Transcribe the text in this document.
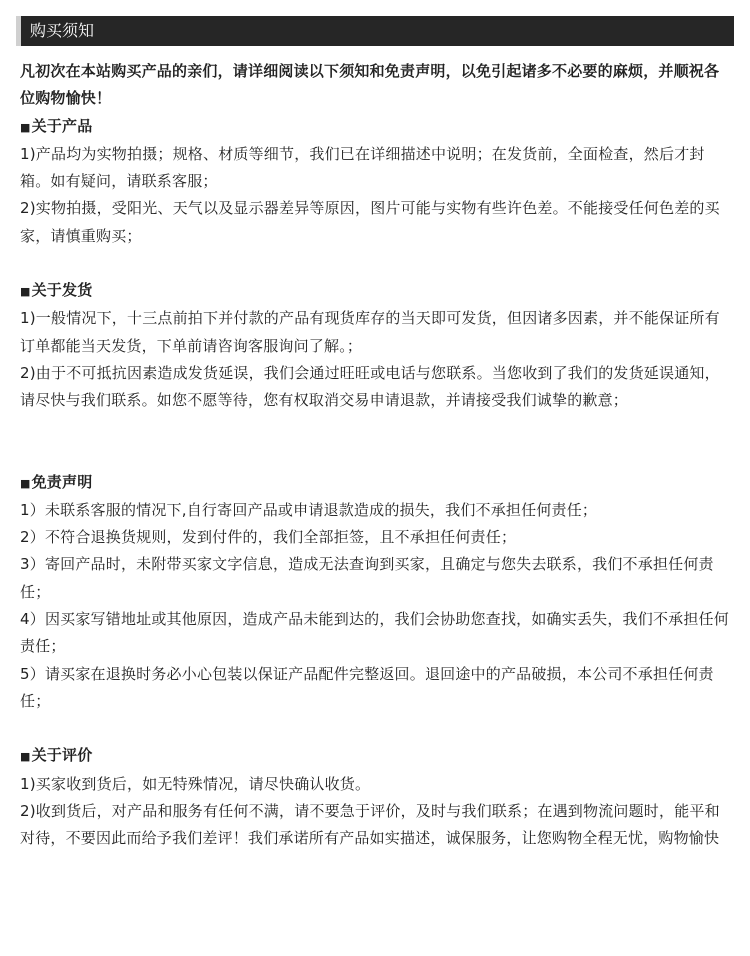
购买须知

凡初次在本站购买产品的亲们，请详细阅读以下须知和免责声明，以免引起诸多不必要的麻烦，并顺祝各位购物愉快！

■关于产品

1)产品均为实物拍摄；规格、材质等细节，我们已在详细描述中说明；在发货前，全面检查，然后才封箱。如有疑问，请联系客服；

2)实物拍摄，受阳光、天气以及显示器差异等原因，图片可能与实物有些许色差。不能接受任何色差的买家，请慎重购买；

■关于发货

1)一般情况下，十三点前拍下并付款的产品有现货库存的当天即可发货，但因诸多因素，并不能保证所有订单都能当天发货，下单前请咨询客服询问了解。；

2)由于不可抵抗因素造成发货延误，我们会通过旺旺或电话与您联系。当您收到了我们的发货延误通知，请尽快与我们联系。如您不愿等待，您有权取消交易申请退款，并请接受我们诚挚的歉意；

■免责声明

1）未联系客服的情况下,自行寄回产品或申请退款造成的损失，我们不承担任何责任；

2）不符合退换货规则，发到付件的，我们全部拒签，且不承担任何责任；

3）寄回产品时，未附带买家文字信息，造成无法查询到买家，且确定与您失去联系，我们不承担任何责任；

4）因买家写错地址或其他原因，造成产品未能到达的，我们会协助您查找，如确实丢失，我们不承担任何责任；

5）请买家在退换时务必小心包装以保证产品配件完整返回。退回途中的产品破损，本公司不承担任何责任；

■关于评价

1)买家收到货后，如无特殊情况，请尽快确认收货。

2)收到货后，对产品和服务有任何不满，请不要急于评价，及时与我们联系；在遇到物流问题时，能平和对待，不要因此而给予我们差评！我们承诺所有产品如实描述，诚保服务，让您购物全程无忧，购物愉快
